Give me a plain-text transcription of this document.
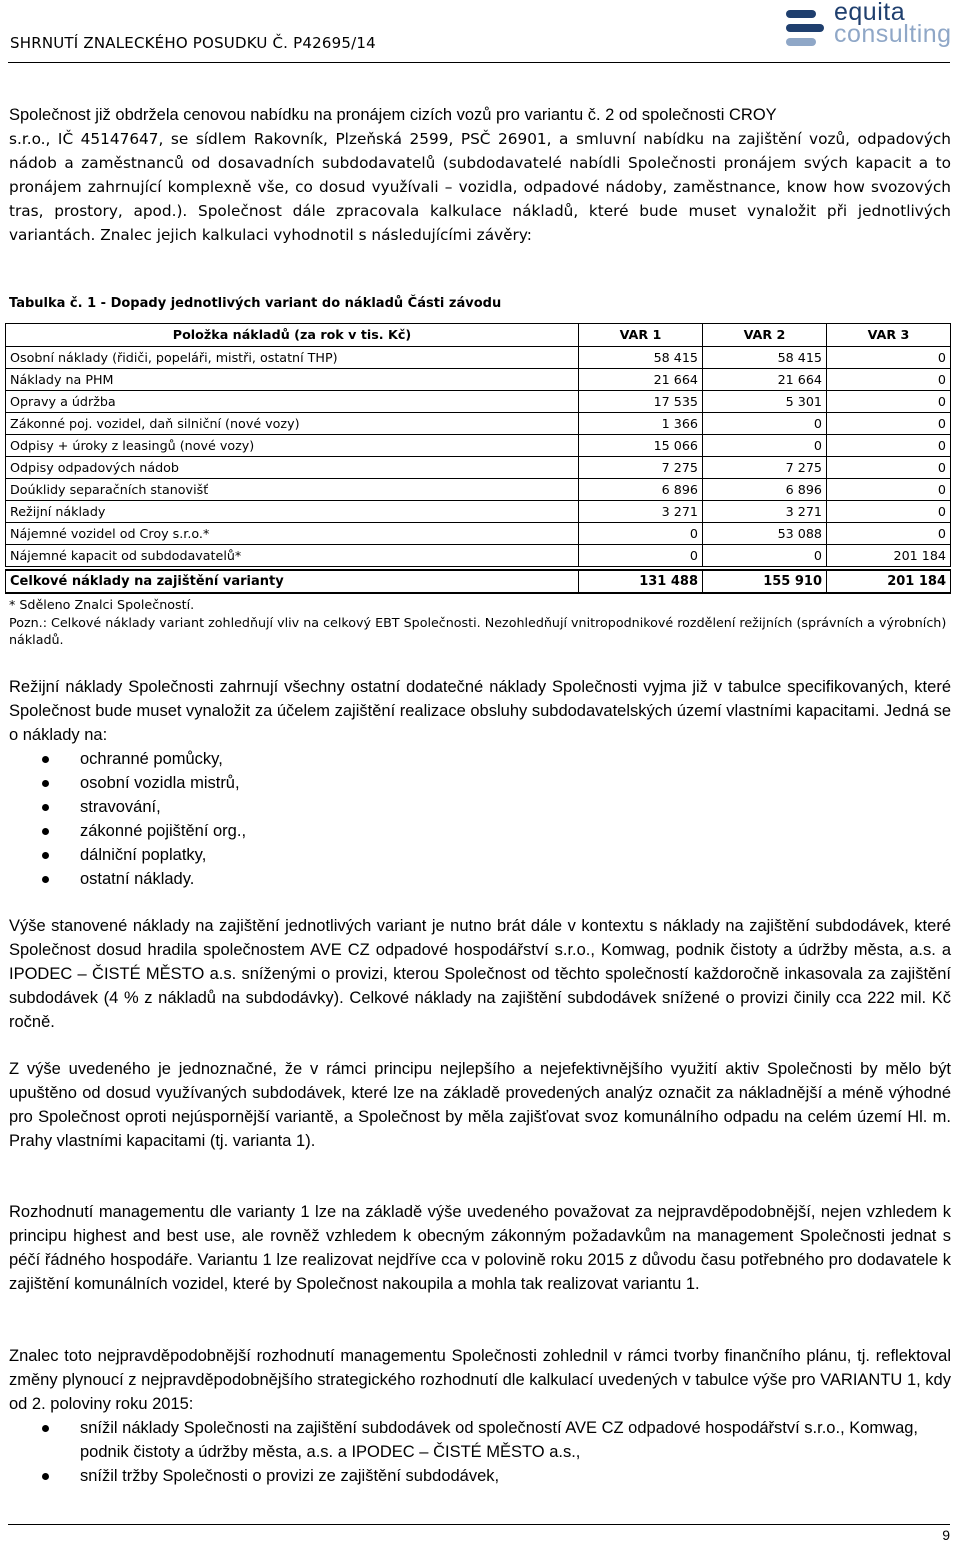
SHRNUTÍ ZNALECKÉHO POSUDKU Č. P42695/14
equita
consulting

Společnost již obdržela cenovou nabídku na pronájem cizích vozů pro variantu č. 2 od společnosti CROY

s.r.o., IČ 45147647, se sídlem Rakovník, Plzeňská 2599, PSČ 26901, a smluvní nabídku na zajištění vozů, odpadových nádob a zaměstnanců od dosavadních subdodavatelů (subdodavatelé nabídli Společnosti pronájem svých kapacit a to pronájem zahrnující komplexně vše, co dosud využívali – vozidla, odpadové nádoby, zaměstnance, know how svozových tras, prostory, apod.). Společnost dále zpracovala kalkulace nákladů, které bude muset vynaložit při jednotlivých variantách. Znalec jejich kalkulaci vyhodnotil s následujícími závěry:

Tabulka č. 1 - Dopady jednotlivých variant do nákladů Části závodu
Položka nákladů (za rok v tis. Kč)	VAR 1	VAR 2	VAR 3
Osobní náklady (řidiči, popeláři, mistři, ostatní THP)	58 415	58 415	0
Náklady na PHM	21 664	21 664	0
Opravy a údržba	17 535	5 301	0
Zákonné poj. vozidel, daň silniční (nové vozy)	1 366	0	0
Odpisy + úroky z leasingů (nové vozy)	15 066	0	0
Odpisy odpadových nádob	7 275	7 275	0
Doúklidy separačních stanovišť	6 896	6 896	0
Režijní náklady	3 271	3 271	0
Nájemné vozidel od Croy s.r.o.*	0	53 088	0
Nájemné kapacit od subdodavatelů*	0	0	201 184

Celkové náklady na zajištění varianty	131 488	155 910	201 184
* Sděleno Znalci Společností.
Pozn.: Celkové náklady variant zohledňují vliv na celkový EBT Společnosti. Nezohledňují vnitropodnikové rozdělení režijních (správních a výrobních) nákladů.

Režijní náklady Společnosti zahrnují všechny ostatní dodatečné náklady Společnosti vyjma již v tabulce specifikovaných, které Společnost bude muset vynaložit za účelem zajištění realizace obsluhy subdodavatelských území vlastními kapacitami. Jedná se o náklady na:

ochranné pomůcky,
osobní vozidla mistrů,
stravování,
zákonné pojištění org.,
dálniční poplatky,
ostatní náklady.

Výše stanovené náklady na zajištění jednotlivých variant je nutno brát dále v kontextu s náklady na zajištění subdodávek, které Společnost dosud hradila společnostem AVE CZ odpadové hospodářství s.r.o., Komwag, podnik čistoty a údržby města, a.s. a IPODEC – ČISTÉ MĚSTO a.s. sníženými o provizi, kterou Společnost od těchto společností každoročně inkasovala za zajištění subdodávek (4 % z nákladů na subdodávky). Celkové náklady na zajištění subdodávek snížené o provizi činily cca 222 mil. Kč ročně.

Z výše uvedeného je jednoznačné, že v rámci principu nejlepšího a nejefektivnějšího využití aktiv Společnosti by mělo být upuštěno od dosud využívaných subdodávek, které lze na základě provedených analýz označit za nákladnější a méně výhodné pro Společnost oproti nejúspornější variantě, a Společnost by měla zajišťovat svoz komunálního odpadu na celém území Hl. m. Prahy vlastními kapacitami (tj. varianta 1).

Rozhodnutí managementu dle varianty 1 lze na základě výše uvedeného považovat za nejpravděpodobnější, nejen vzhledem k principu highest and best use, ale rovněž vzhledem k obecným zákonným požadavkům na management Společnosti jednat s péčí řádného hospodáře. Variantu 1 lze realizovat nejdříve cca v polovině roku 2015 z důvodu času potřebného pro dodavatele k zajištění komunálních vozidel, které by Společnost nakoupila a mohla tak realizovat variantu 1.

Znalec toto nejpravděpodobnější rozhodnutí managementu Společnosti zohlednil v rámci tvorby finančního plánu, tj. reflektoval změny plynoucí z nejpravděpodobnějšího strategického rozhodnutí dle kalkulací uvedených v tabulce výše pro VARIANTU 1, kdy od 2. poloviny roku 2015:

snížil náklady Společnosti na zajištění subdodávek od společností AVE CZ odpadové hospodářství s.r.o., Komwag, podnik čistoty a údržby města, a.s. a IPODEC – ČISTÉ MĚSTO a.s.,
snížil tržby Společnosti o provizi ze zajištění subdodávek,
9
